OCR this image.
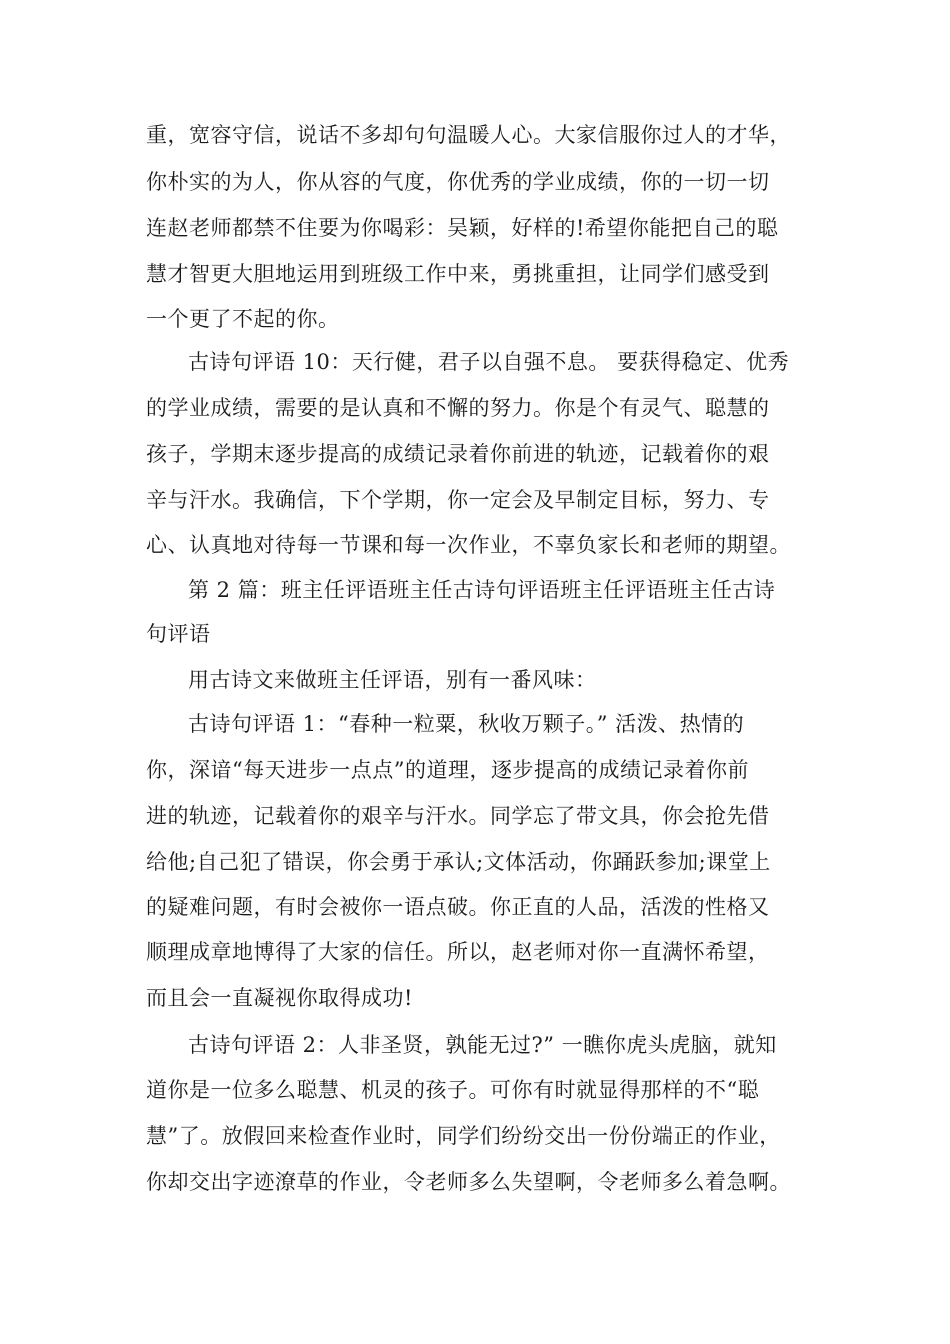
重，宽容守信，说话不多却句句温暖人心。大家信服你过人的才华，
你朴实的为人，你从容的气度，你优秀的学业成绩，你的一切一切
连赵老师都禁不住要为你喝彩：吴颖，好样的!希望你能把自己的聪
慧才智更大胆地运用到班级工作中来，勇挑重担，让同学们感受到
一个更了不起的你。
古诗句评语 10：天行健，君子以自强不息。 要获得稳定、优秀
的学业成绩，需要的是认真和不懈的努力。你是个有灵气、聪慧的
孩子，学期末逐步提高的成绩记录着你前进的轨迹，记载着你的艰
辛与汗水。我确信，下个学期，你一定会及早制定目标，努力、专
心、认真地对待每一节课和每一次作业，不辜负家长和老师的期望。
第 2 篇：班主任评语班主任古诗句评语班主任评语班主任古诗
句评语
用古诗文来做班主任评语，别有一番风味：
古诗句评语 1：“春种一粒粟，秋收万颗子。” 活泼、热情的
你，深谙“每天进步一点点”的道理，逐步提高的成绩记录着你前
进的轨迹，记载着你的艰辛与汗水。同学忘了带文具，你会抢先借
给他;自己犯了错误，你会勇于承认;文体活动，你踊跃参加;课堂上
的疑难问题，有时会被你一语点破。你正直的人品，活泼的性格又
顺理成章地博得了大家的信任。所以，赵老师对你一直满怀希望，
而且会一直凝视你取得成功!
古诗句评语 2：人非圣贤，孰能无过?” 一瞧你虎头虎脑，就知
道你是一位多么聪慧、机灵的孩子。可你有时就显得那样的不“聪
慧”了。放假回来检查作业时，同学们纷纷交出一份份端正的作业，
你却交出字迹潦草的作业，令老师多么失望啊，令老师多么着急啊。
